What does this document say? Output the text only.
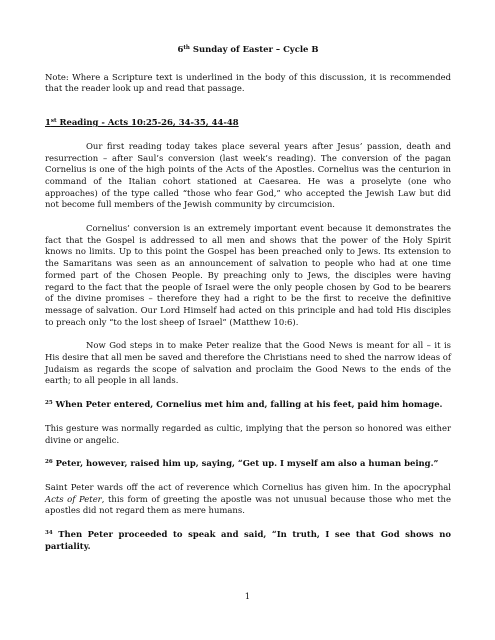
6th Sunday of Easter – Cycle B

Note: Where a Scripture text is underlined in the body of this discussion, it is recommended that the reader look up and read that passage.

1st Reading - Acts 10:25-26, 34-35, 44-48

Our first reading today takes place several years after Jesus’ passion, death and resurrection – after Saul’s conversion (last week’s reading). The conversion of the pagan Cornelius is one of the high points of the Acts of the Apostles. Cornelius was the centurion in command of the Italian cohort stationed at Caesarea. He was a proselyte (one who approaches) of the type called “those who fear God,” who accepted the Jewish Law but did not become full members of the Jewish community by circumcision.

Cornelius’ conversion is an extremely important event because it demonstrates the fact that the Gospel is addressed to all men and shows that the power of the Holy Spirit knows no limits. Up to this point the Gospel has been preached only to Jews. Its extension to the Samaritans was seen as an announcement of salvation to people who had at one time formed part of the Chosen People. By preaching only to Jews, the disciples were having regard to the fact that the people of Israel were the only people chosen by God to be bearers of the divine promises – therefore they had a right to be the first to receive the definitive message of salvation. Our Lord Himself had acted on this principle and had told His disciples to preach only “to the lost sheep of Israel” (Matthew 10:6).

Now God steps in to make Peter realize that the Good News is meant for all – it is His desire that all men be saved and therefore the Christians need to shed the narrow ideas of Judaism as regards the scope of salvation and proclaim the Good News to the ends of the earth; to all people in all lands.

$^{25}$ When Peter entered, Cornelius met him and, falling at his feet, paid him homage.

This gesture was normally regarded as cultic, implying that the person so honored was either divine or angelic.

$^{26}$ Peter, however, raised him up, saying, “Get up. I myself am also a human being.”

Saint Peter wards off the act of reverence which Cornelius has given him. In the apocryphal Acts of Peter, this form of greeting the apostle was not unusual because those who met the apostles did not regard them as mere humans.

$^{34}$ Then Peter proceeded to speak and said, “In truth, I see that God shows no partiality.

1
